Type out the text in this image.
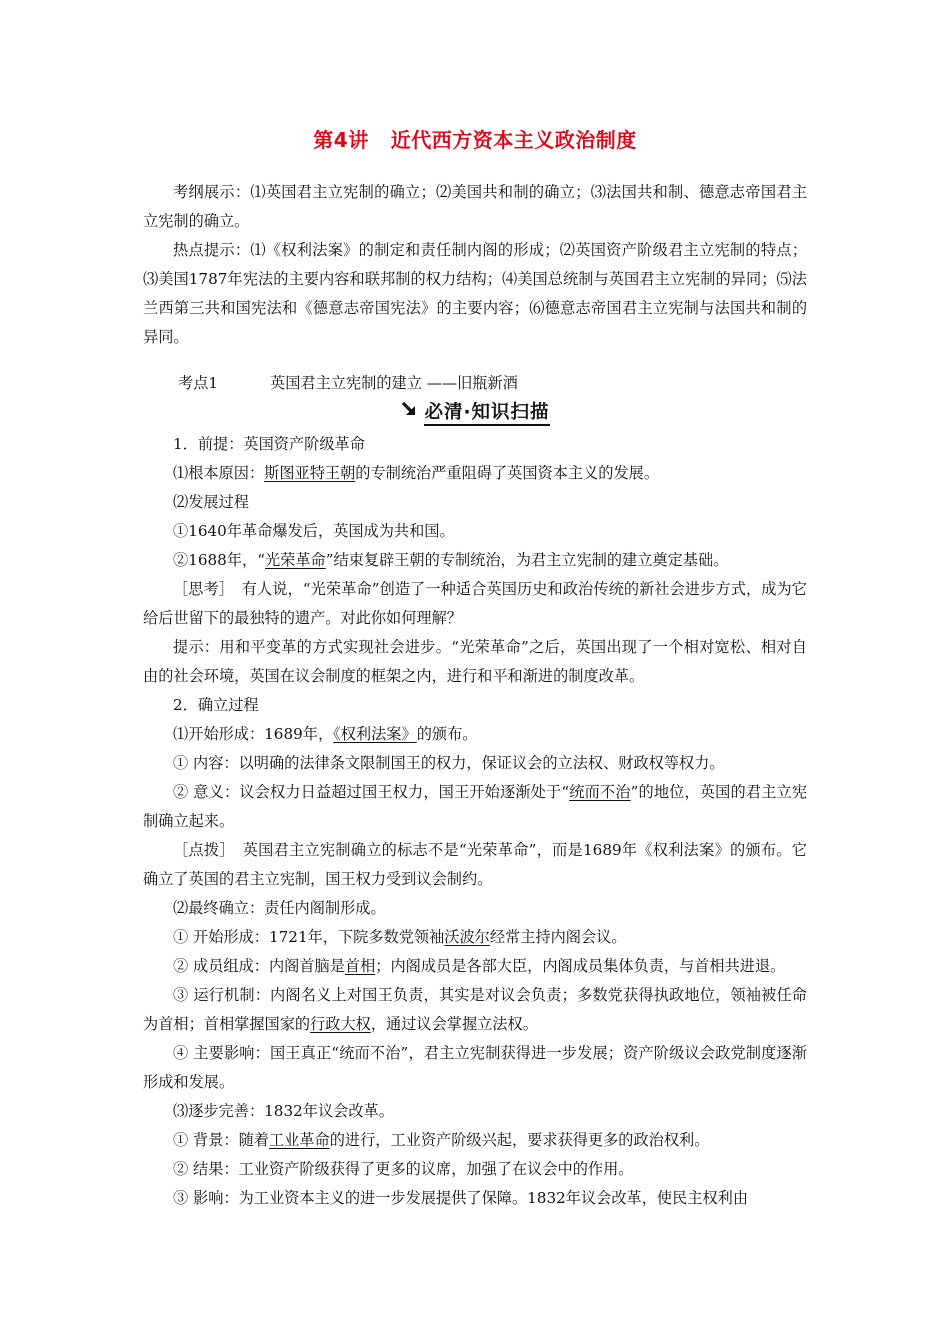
第4讲 近代西方资本主义政治制度

考纲展示：⑴英国君主立宪制的确立；⑵美国共和制的确立；⑶法国共和制、德意志帝国君主立宪制的确立。

热点提示：⑴《权利法案》的制定和责任制内阁的形成；⑵英国资产阶级君主立宪制的特点；⑶美国1787年宪法的主要内容和联邦制的权力结构；⑷美国总统制与英国君主立宪制的异同；⑸法兰西第三共和国宪法和《德意志帝国宪法》的主要内容；⑹德意志帝国君主立宪制与法国共和制的异同。

考点1	英国君主立宪制的建立 ——旧瓶新酒
必清·知识扫描

1．前提：英国资产阶级革命

⑴根本原因：斯图亚特王朝的专制统治严重阻碍了英国资本主义的发展。

⑵发展过程

①1640年革命爆发后，英国成为共和国。

②1688年，“光荣革命”结束复辟王朝的专制统治，为君主立宪制的建立奠定基础。

［思考］　有人说，“光荣革命”创造了一种适合英国历史和政治传统的新社会进步方式，成为它给后世留下的最独特的遗产。对此你如何理解？

提示：用和平变革的方式实现社会进步。“光荣革命”之后，英国出现了一个相对宽松、相对自由的社会环境，英国在议会制度的框架之内，进行和平和渐进的制度改革。

2．确立过程

⑴开始形成：1689年，《权利法案》的颁布。

① 内容：以明确的法律条文限制国王的权力，保证议会的立法权、财政权等权力。

② 意义：议会权力日益超过国王权力，国王开始逐渐处于“统而不治”的地位，英国的君主立宪制确立起来。

［点拨］　英国君主立宪制确立的标志不是“光荣革命”，而是1689年《权利法案》的颁布。它确立了英国的君主立宪制，国王权力受到议会制约。

⑵最终确立：责任内阁制形成。

① 开始形成：1721年，下院多数党领袖沃波尔经常主持内阁会议。

② 成员组成：内阁首脑是首相；内阁成员是各部大臣，内阁成员集体负责，与首相共进退。

③ 运行机制：内阁名义上对国王负责，其实是对议会负责；多数党获得执政地位，领袖被任命为首相；首相掌握国家的行政大权，通过议会掌握立法权。

④ 主要影响：国王真正“统而不治”，君主立宪制获得进一步发展；资产阶级议会政党制度逐渐形成和发展。

⑶逐步完善：1832年议会改革。

① 背景：随着工业革命的进行，工业资产阶级兴起，要求获得更多的政治权利。

② 结果：工业资产阶级获得了更多的议席，加强了在议会中的作用。

③ 影响：为工业资本主义的进一步发展提供了保障。1832年议会改革，使民主权利由
